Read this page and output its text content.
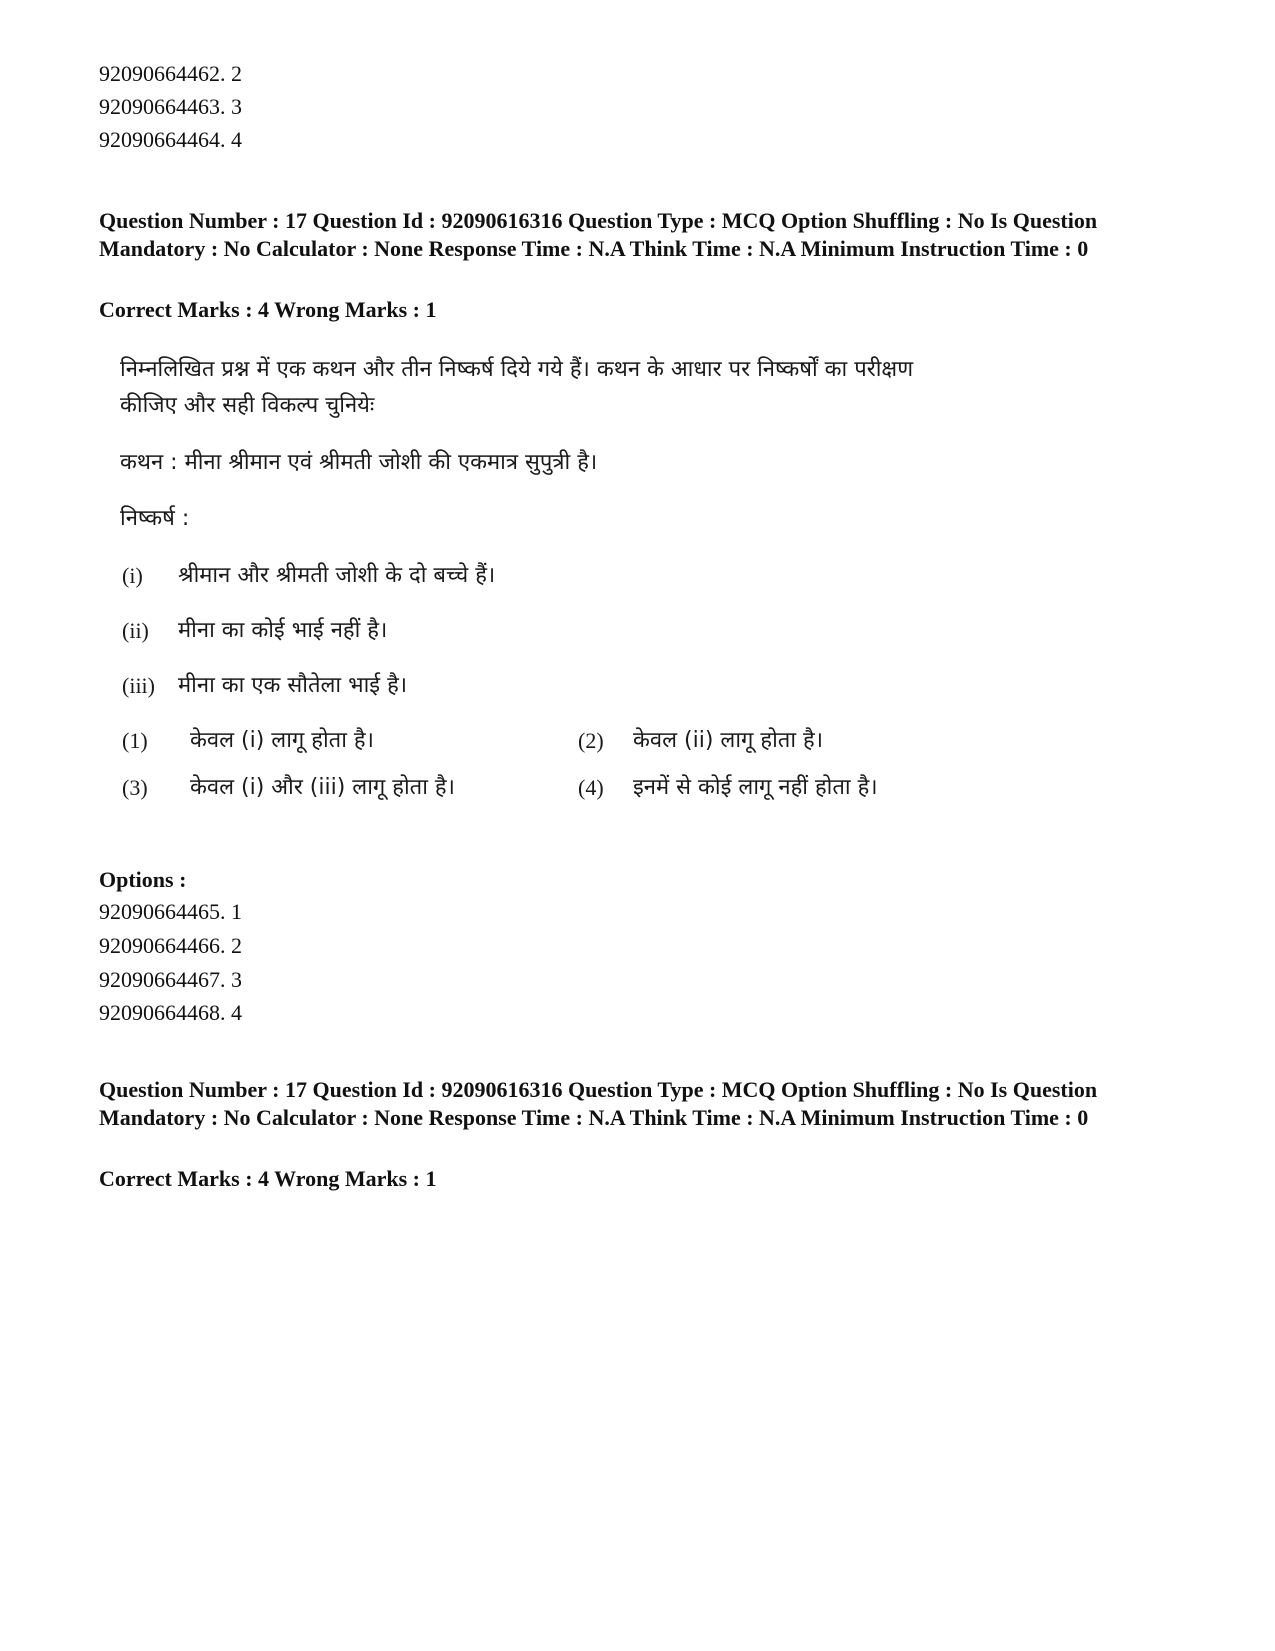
92090664462. 2
92090664463. 3
92090664464. 4
Question Number : 17 Question Id : 92090616316 Question Type : MCQ Option Shuffling : No Is Question Mandatory : No Calculator : None Response Time : N.A Think Time : N.A Minimum Instruction Time : 0
Correct Marks : 4 Wrong Marks : 1
निम्नलिखित प्रश्न में एक कथन और तीन निष्कर्ष दिये गये हैं। कथन के आधार पर निष्कर्षों का परीक्षण
कीजिए और सही विकल्प चुनियेः
कथन : मीना श्रीमान एवं श्रीमती जोशी की एकमात्र सुपुत्री है।
निष्कर्ष :
(i) श्रीमान और श्रीमती जोशी के दो बच्चे हैं।
(ii) मीना का कोई भाई नहीं है।
(iii) मीना का एक सौतेला भाई है।
(1) केवल (i) लागू होता है।	(2) केवल (ii) लागू होता है।
(3) केवल (i) और (iii) लागू होता है।	(4) इनमें से कोई लागू नहीं होता है।
Options :
92090664465. 1
92090664466. 2
92090664467. 3
92090664468. 4
Question Number : 17 Question Id : 92090616316 Question Type : MCQ Option Shuffling : No Is Question Mandatory : No Calculator : None Response Time : N.A Think Time : N.A Minimum Instruction Time : 0
Correct Marks : 4 Wrong Marks : 1
